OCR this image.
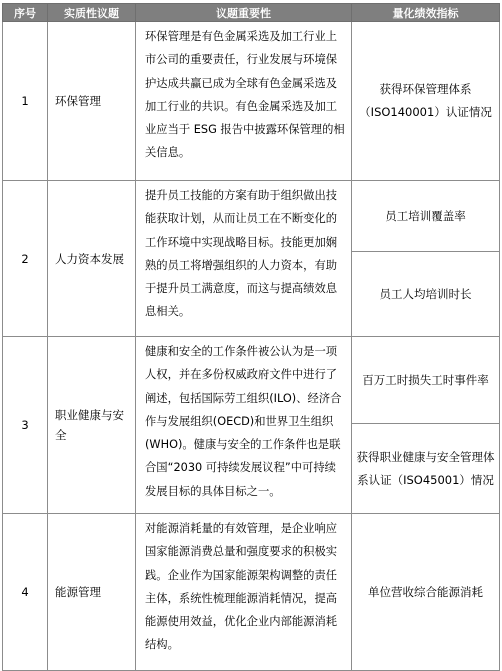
序号	实质性议题	议题重要性	量化绩效指标
1	环保管理	环保管理是有色金属采选及加工行业上市公司的重要责任，行业发展与环境保护达成共赢已成为全球有色金属采选及加工行业的共识。有色金属采选及加工业应当于 ESG 报告中披露环保管理的相关信息。	获得环保管理体系（ISO140001）认证情况
2	人力资本发展	提升员工技能的方案有助于组织做出技能获取计划，从而让员工在不断变化的工作环境中实现战略目标。技能更加娴熟的员工将增强组织的人力资本，有助于提升员工满意度，而这与提高绩效息息相关。	员工培训覆盖率
			员工人均培训时长
3	职业健康与安全	健康和安全的工作条件被公认为是一项人权，并在多份权威政府文件中进行了阐述，包括国际劳工组织(ILO)、经济合作与发展组织(OECD)和世界卫生组织(WHO)。健康与安全的工作条件也是联合国“2030 可持续发展议程”中可持续发展目标的具体目标之一。	百万工时损失工时事件率
			获得职业健康与安全管理体系认证（ISO45001）情况
4	能源管理	对能源消耗量的有效管理，是企业响应国家能源消费总量和强度要求的积极实践。企业作为国家能源架构调整的责任主体，系统性梳理能源消耗情况，提高能源使用效益，优化企业内部能源消耗结构。	单位营收综合能源消耗
